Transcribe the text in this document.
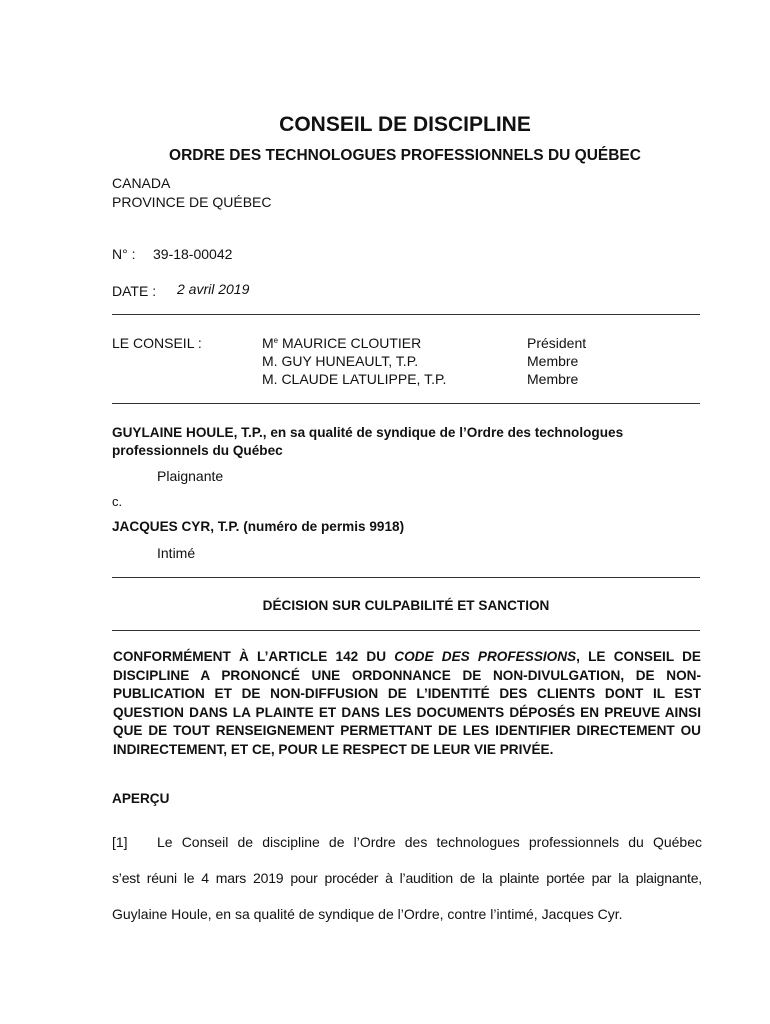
CONSEIL DE DISCIPLINE
ORDRE DES TECHNOLOGUES PROFESSIONNELS DU QUÉBEC
CANADA
PROVINCE DE QUÉBEC
N° : 39-18-00042
DATE : 2 avril 2019
LE CONSEIL :	Me MAURICE CLOUTIER	Président
M. GUY HUNEAULT, T.P.	Membre
M. CLAUDE LATULIPPE, T.P.	Membre
GUYLAINE HOULE, T.P., en sa qualité de syndique de l’Ordre des technologues
professionnels du Québec
Plaignante
c.
JACQUES CYR, T.P. (numéro de permis 9918)
Intimé
DÉCISION SUR CULPABILITÉ ET SANCTION
CONFORMÉMENT À L’ARTICLE 142 DU CODE DES PROFESSIONS, LE CONSEIL DE DISCIPLINE A PRONONCÉ UNE ORDONNANCE DE NON-DIVULGATION, DE NON-PUBLICATION ET DE NON-DIFFUSION DE L’IDENTITÉ DES CLIENTS DONT IL EST QUESTION DANS LA PLAINTE ET DANS LES DOCUMENTS DÉPOSÉS EN PREUVE AINSI QUE DE TOUT RENSEIGNEMENT PERMETTANT DE LES IDENTIFIER DIRECTEMENT OU INDIRECTEMENT, ET CE, POUR LE RESPECT DE LEUR VIE PRIVÉE.
APERÇU
[1] Le Conseil de discipline de l’Ordre des technologues professionnels du Québec
s’est réuni le 4 mars 2019 pour procéder à l’audition de la plainte portée par la plaignante,
Guylaine Houle, en sa qualité de syndique de l’Ordre, contre l’intimé, Jacques Cyr.
